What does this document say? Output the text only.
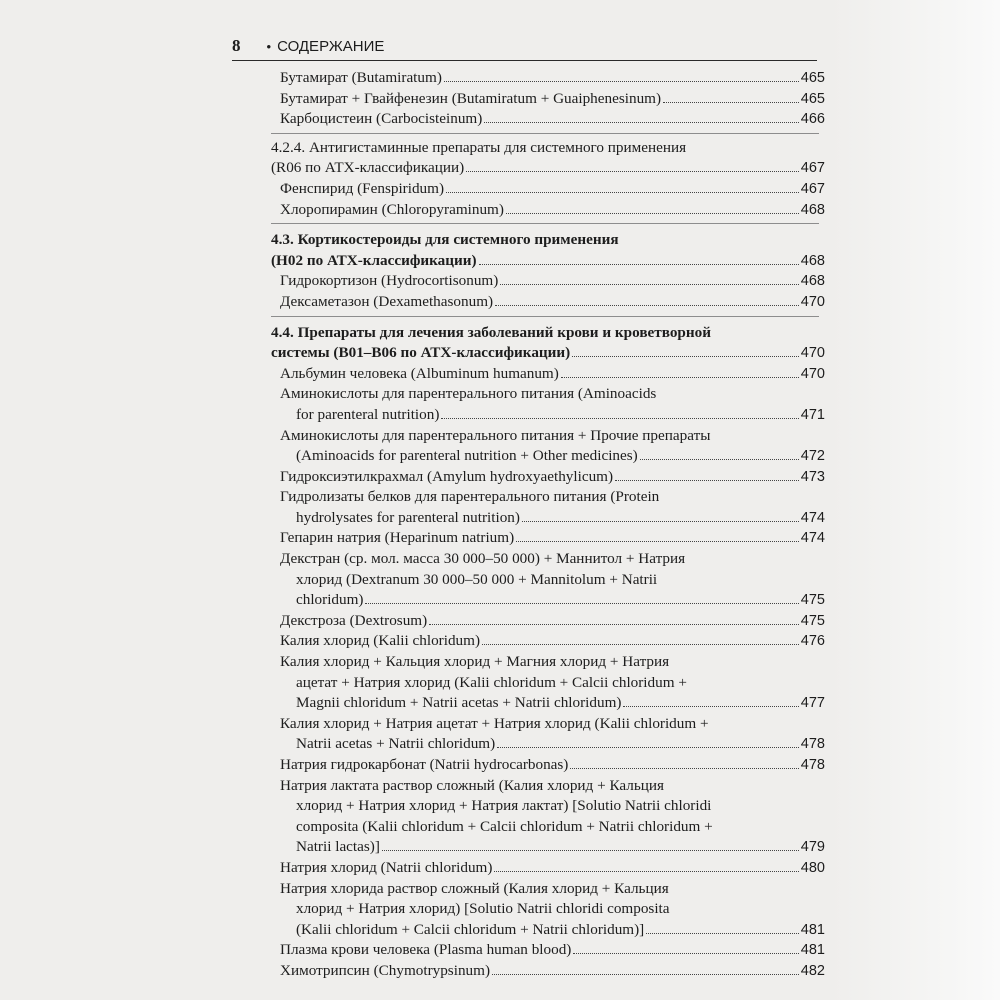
8 • СОДЕРЖАНИЕ
Бутамират (Butamiratum)	465
Бутамират + Гвайфенезин (Butamiratum + Guaiphenesinum)	465
Карбоцистеин (Carbocisteinum)	466
4.2.4. Антигистаминные препараты для системного применения
(R06 по АТХ-классификации)	467
Фенспирид (Fenspiridum)	467
Хлоропирамин (Chloropyraminum)	468
4.3. Кортикостероиды для системного применения
(H02 по АТХ-классификации)	468
Гидрокортизон (Hydrocortisonum)	468
Дексаметазон (Dexamethasonum)	470
4.4. Препараты для лечения заболеваний крови и кроветворной
системы (B01–B06 по АТХ-классификации)	470
Альбумин человека (Albuminum humanum)	470
Аминокислоты для парентерального питания (Aminoacids
for parenteral nutrition)	471
Аминокислоты для парентерального питания + Прочие препараты
(Aminoacids for parenteral nutrition + Other medicines)	472
Гидроксиэтилкрахмал (Amylum hydroxyaethylicum)	473
Гидролизаты белков для парентерального питания (Protein
hydrolysates for parenteral nutrition)	474
Гепарин натрия (Heparinum natrium)	474
Декстран (ср. мол. масса 30 000–50 000) + Маннитол + Натрия
хлорид (Dextranum 30 000–50 000 + Mannitolum + Natrii
chloridum)	475
Декстроза (Dextrosum)	475
Калия хлорид (Kalii chloridum)	476
Калия хлорид + Кальция хлорид + Магния хлорид + Натрия
ацетат + Натрия хлорид (Kalii chloridum + Calcii chloridum +
Magnii chloridum + Natrii acetas + Natrii chloridum)	477
Калия хлорид + Натрия ацетат + Натрия хлорид (Kalii chloridum +
Natrii acetas + Natrii chloridum)	478
Натрия гидрокарбонат (Natrii hydrocarbonas)	478
Натрия лактата раствор сложный (Калия хлорид + Кальция
хлорид + Натрия хлорид + Натрия лактат) [Solutio Natrii chloridi
composita (Kalii chloridum + Calcii chloridum + Natrii chloridum +
Natrii lactas)]	479
Натрия хлорид (Natrii chloridum)	480
Натрия хлорида раствор сложный (Калия хлорид + Кальция
хлорид + Натрия хлорид) [Solutio Natrii chloridi composita
(Kalii chloridum + Calcii chloridum + Natrii chloridum)]	481
Плазма крови человека (Plasma human blood)	481
Химотрипсин (Chymotrypsinum)	482
